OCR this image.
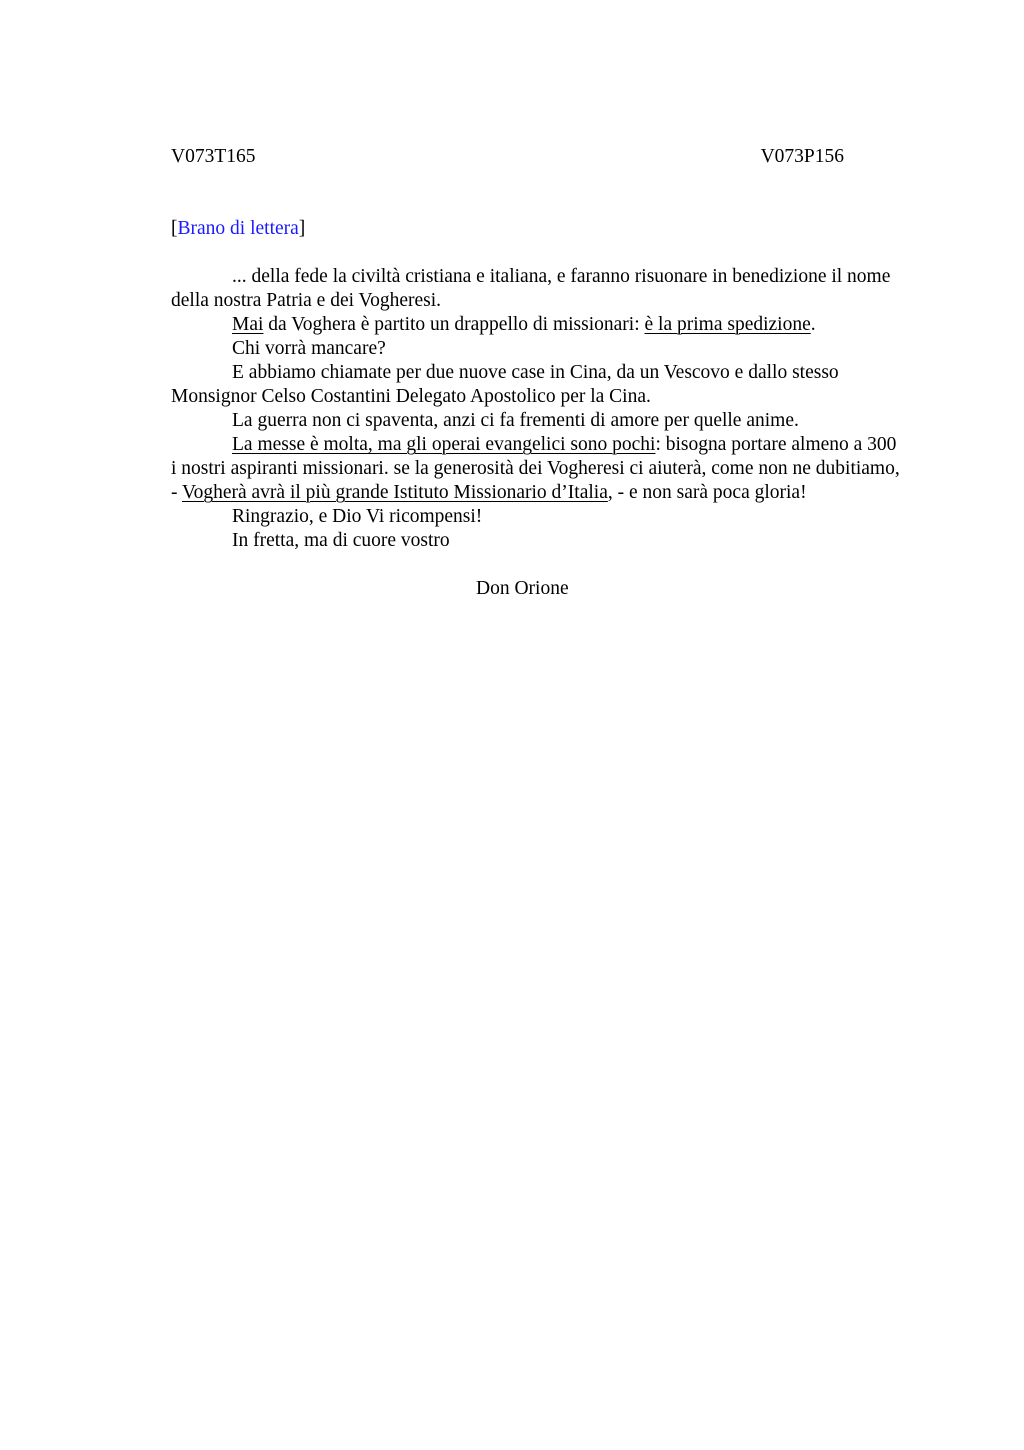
V073T165	V073P156
[Brano di lettera]

... della fede la civiltà cristiana e italiana, e faranno risuonare in benedizione il nome della nostra Patria e dei Vogheresi.

Mai da Voghera è partito un drappello di missionari: è la prima spedizione.

Chi vorrà mancare?

E abbiamo chiamate per due nuove case in Cina, da un Vescovo e dallo stesso Monsignor Celso Costantini Delegato Apostolico per la Cina.

La guerra non ci spaventa, anzi ci fa frementi di amore per quelle anime.

La messe è molta, ma gli operai evangelici sono pochi: bisogna portare almeno a 300 i nostri aspiranti missionari. se la generosità dei Vogheresi ci aiuterà, come non ne dubitiamo, - Vogherà avrà il più grande Istituto Missionario d’Italia, - e non sarà poca gloria!

Ringrazio, e Dio Vi ricompensi!

In fretta, ma di cuore vostro

Don Orione
